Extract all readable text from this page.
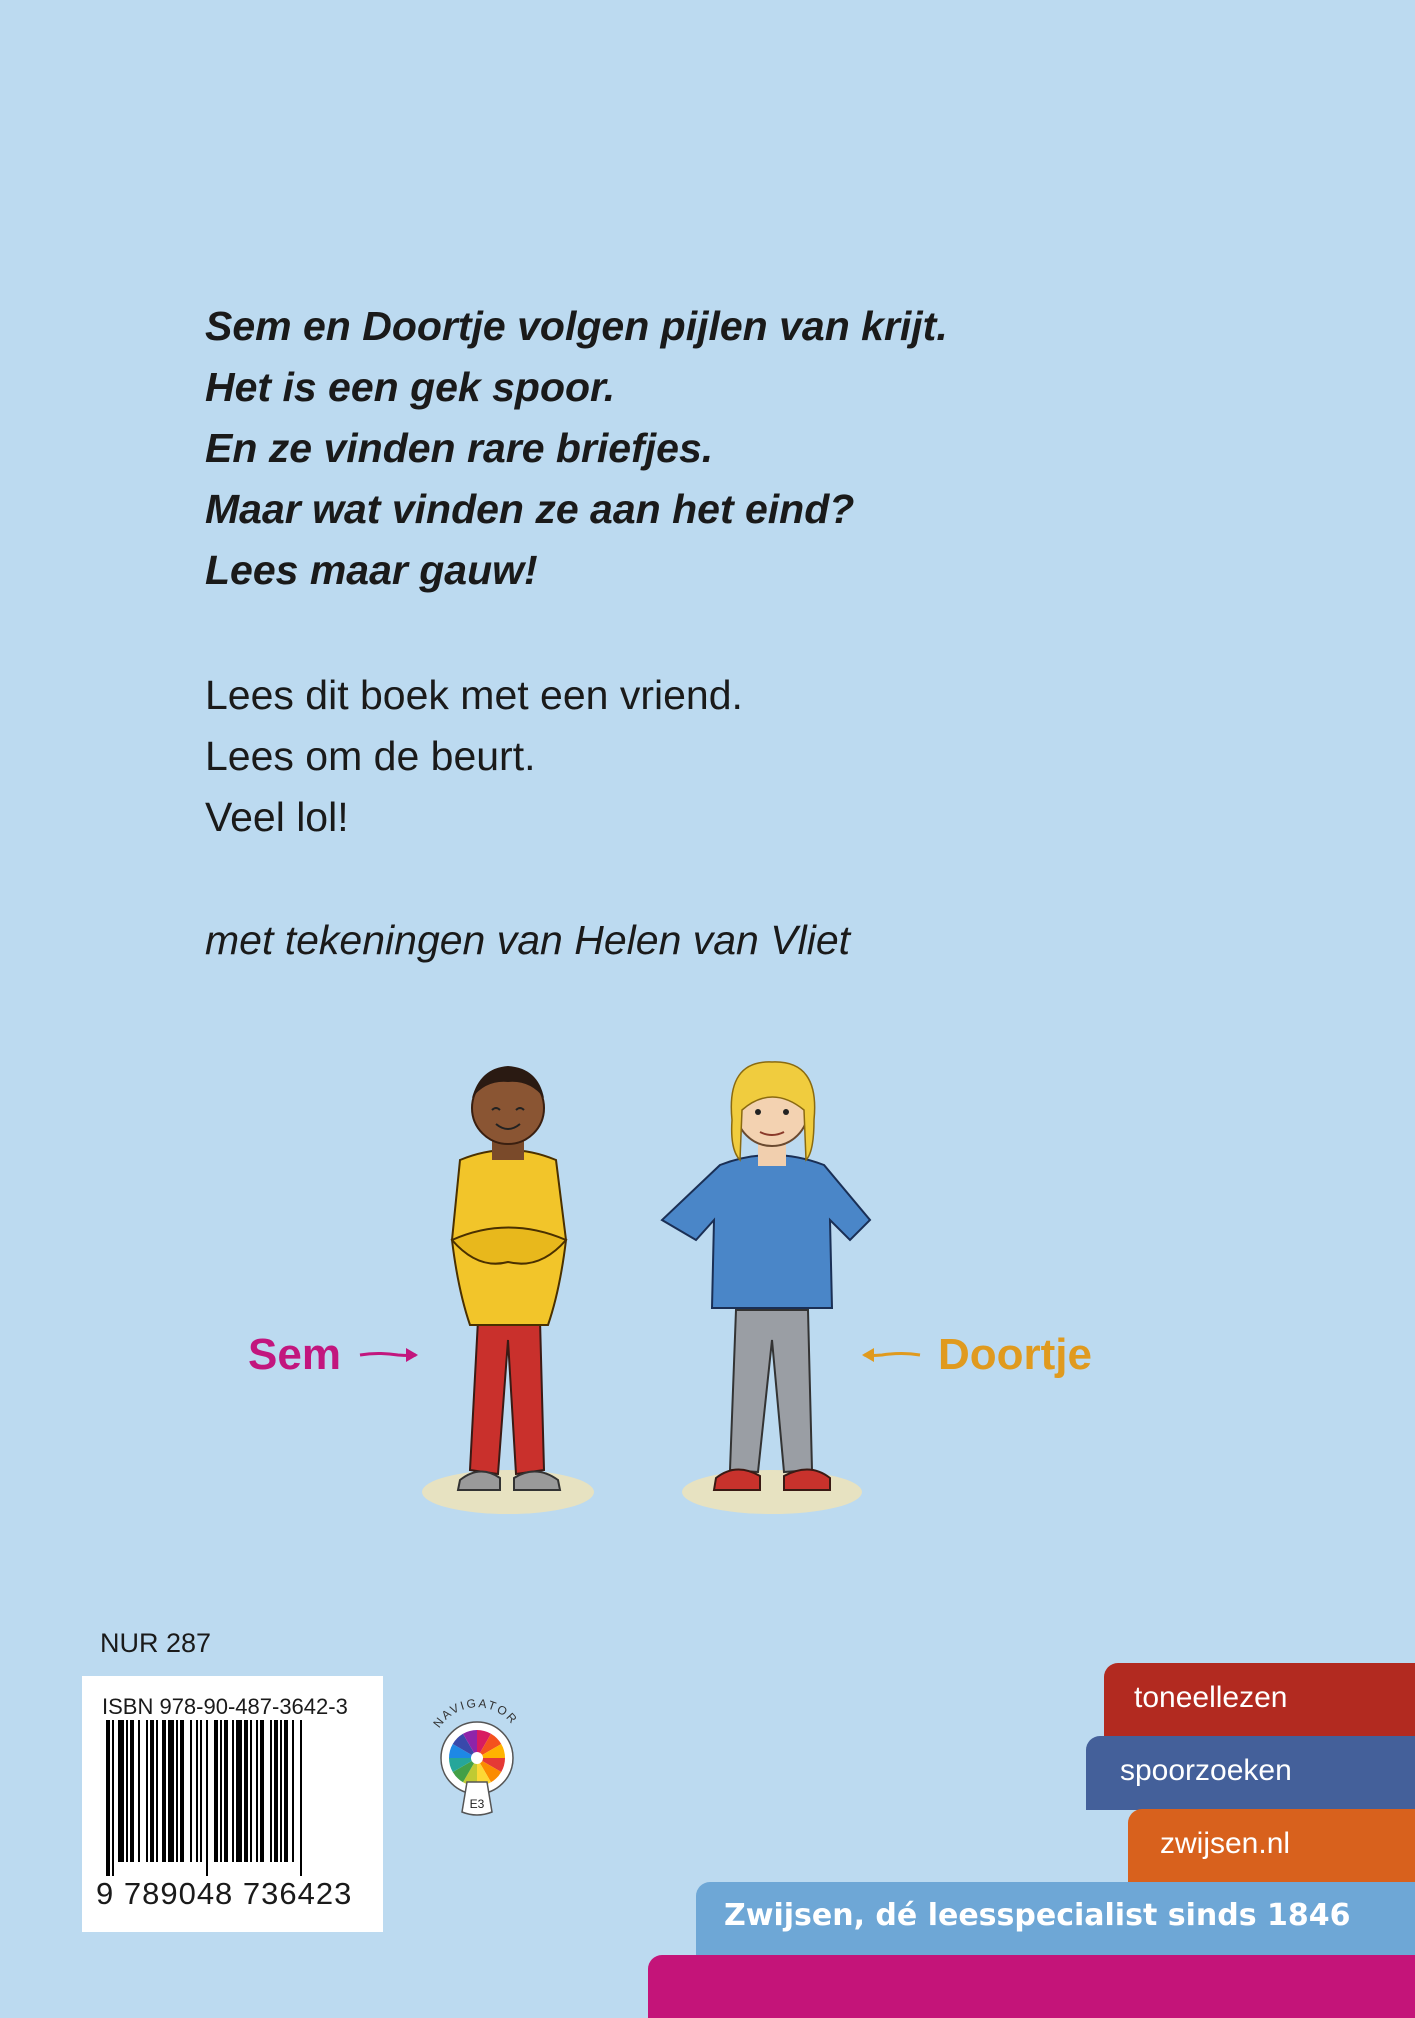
Sem en Doortje volgen pijlen van krijt.
Het is een gek spoor.
En ze vinden rare briefjes.
Maar wat vinden ze aan het eind?
Lees maar gauw!
Lees dit boek met een vriend.
Lees om de beurt.
Veel lol!
met tekeningen van Helen van Vliet
Sem	Doortje
NUR 287
ISBN 978-90-487-3642-3
9 789048 736423
NAVIGATOR
E3
toneellezen
spoorzoeken
zwijsen.nl
Zwijsen, dé leesspecialist sinds 1846
